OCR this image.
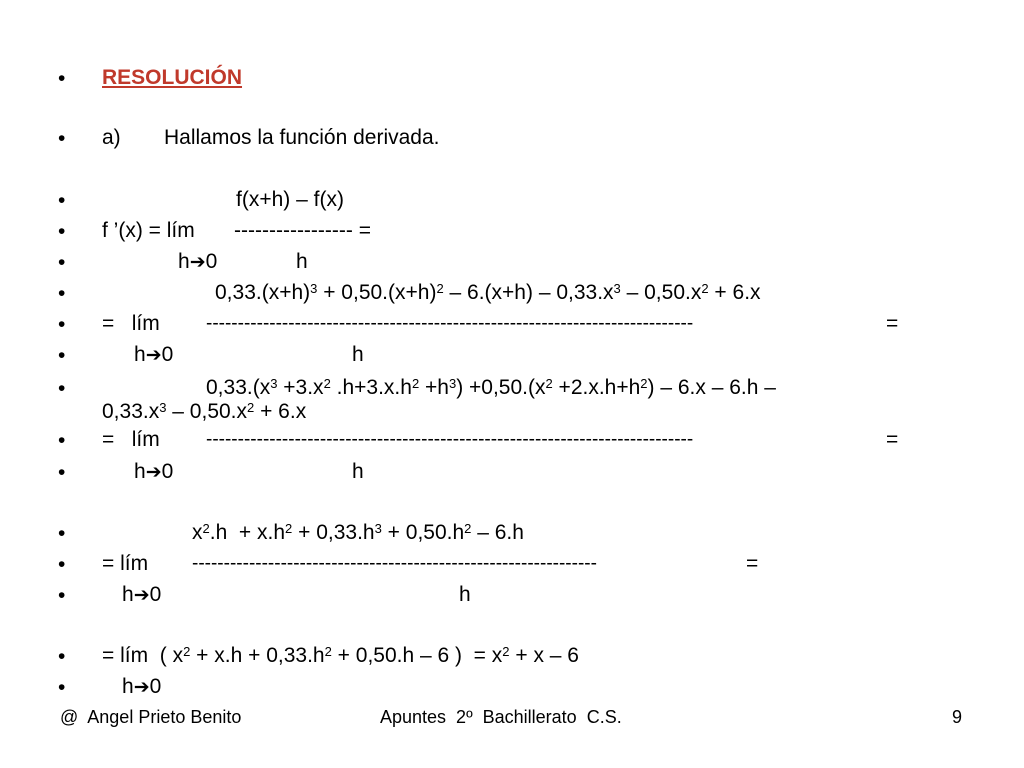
• RESOLUCIÓN
• a) Hallamos la función derivada.
•	f(x+h) – f(x)
• f ’(x) = lím ----------------- =
•	h➔0	h
•	$0,33.(x+h)^3 + 0,50.(x+h)^2 - 6.(x+h) - 0,33.x^3 - 0,50.x^2 + 6.x$
• =   lím -----------------------------------------------------------------------------	=
•	h➔0	h
•	$0,33.(x^3 +3.x^2$ $.h+3.x.h^2 +h^3) +0,50.(x^2 +2.x.h+h^2) - 6.x - 6.h$ –
$0,33.x^3 - 0,50.x^2 + 6.x$
• =   lím -----------------------------------------------------------------------------	=
•	h➔0	h
•	$x^2.h + x.h^2 + 0,33.h^3 + 0,50.h^2 - 6.h$
• = lím ----------------------------------------------------------------	=
•	h➔0	h
• = lím  ( $x^2 + x.h + 0,33.h^2 + 0,50.h - 6$ )  = $x^2 + x - 6$
•	h➔0
@  Angel Prieto Benito	Apuntes  2º  Bachillerato  C.S.	9
